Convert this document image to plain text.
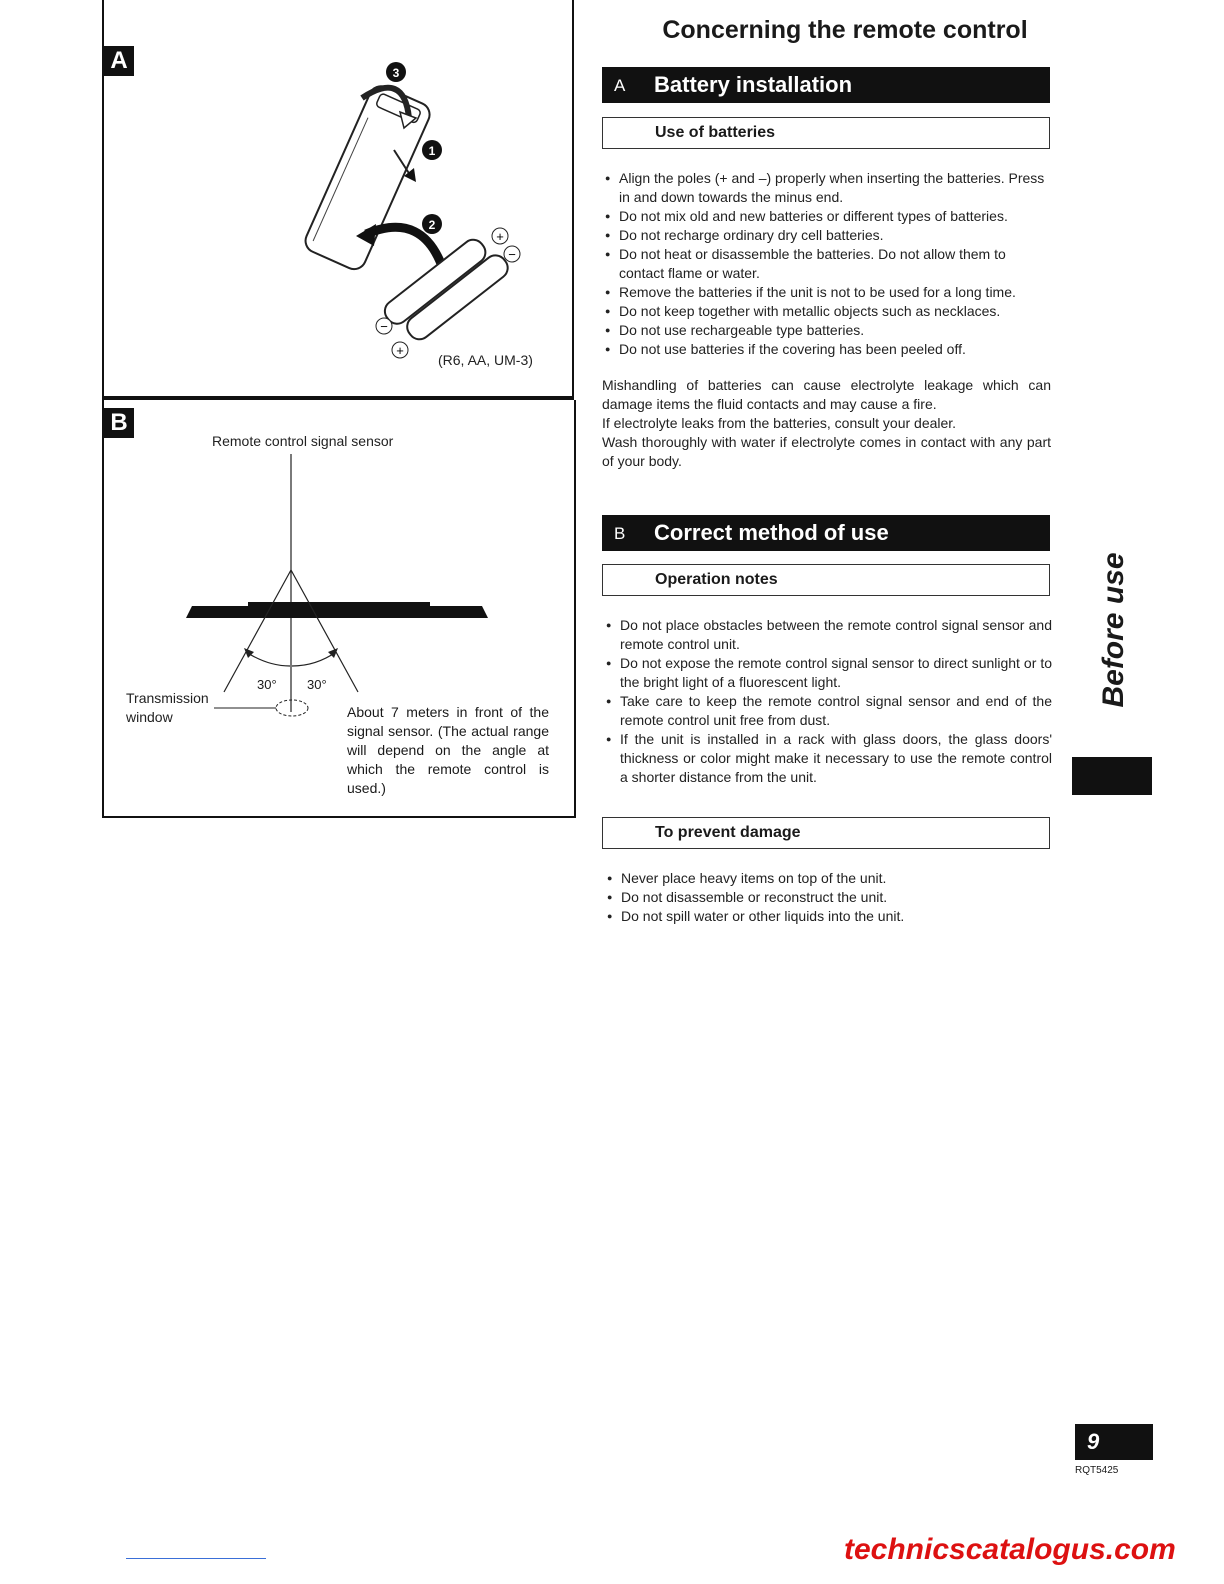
A	3
1
2
+
−
−
+
(R6, AA, UM-3)
B
Remote control signal sensor
30° 30°
Transmission
window	About 7 meters in front of the signal sensor. (The actual range will depend on the angle at which the remote control is used.)
Concerning the remote control
A Battery installation
Use of batteries
● Align the poles (+ and –) properly when inserting the batteries. Press in and down towards the minus end.
● Do not mix old and new batteries or different types of batteries.
● Do not recharge ordinary dry cell batteries.
● Do not heat or disassemble the batteries. Do not allow them to contact flame or water.
● Remove the batteries if the unit is not to be used for a long time.
● Do not keep together with metallic objects such as necklaces.
● Do not use rechargeable type batteries.
● Do not use batteries if the covering has been peeled off.

Mishandling of batteries can cause electrolyte leakage which can damage items the fluid contacts and may cause a fire.

If electrolyte leaks from the batteries, consult your dealer.

Wash thoroughly with water if electrolyte comes in contact with any part of your body.

B Correct method of use
Operation notes
● Do not place obstacles between the remote control signal sensor and remote control unit.
● Do not expose the remote control signal sensor to direct sunlight or to the bright light of a fluorescent light.
● Take care to keep the remote control signal sensor and end of the remote control unit free from dust.
● If the unit is installed in a rack with glass doors, the glass doors' thickness or color might make it necessary to use the remote control a shorter distance from the unit.
To prevent damage
● Never place heavy items on top of the unit.
● Do not disassemble or reconstruct the unit.
● Do not spill water or other liquids into the unit.
Before use
9
RQT5425
technicscatalogus.com
